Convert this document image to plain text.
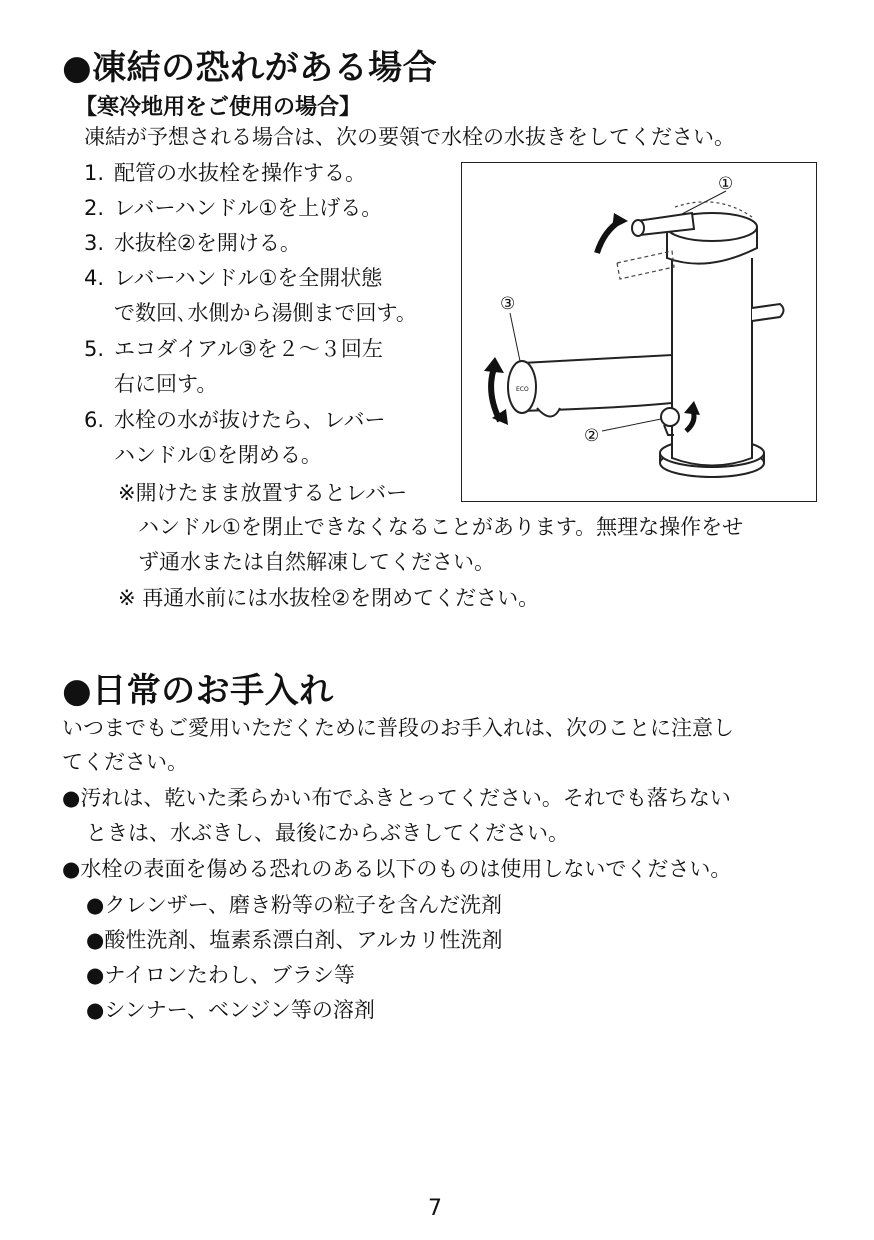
●凍結の恐れがある場合
【寒冷地用をご使用の場合】
凍結が予想される場合は、次の要領で水栓の水抜きをしてください。
1. 配管の水抜栓を操作する。
2. レバーハンドル①を上げる。
3. 水抜栓②を開ける。
4. レバーハンドル①を全開状態
で数回､水側から湯側まで回す。
5. エコダイアル③を２～３回左
右に回す。
6. 水栓の水が抜けたら、レバー
ハンドル①を閉める。
※開けたまま放置するとレバー
ハンドル①を閉止できなくなることがあります。無理な操作をせ
ず通水または自然解凍してください。
※ 再通水前には水抜栓②を閉めてください。
ECO
①
③
②
●日常のお手入れ
いつまでもご愛用いただくために普段のお手入れは、次のことに注意し
てください。
●汚れは、乾いた柔らかい布でふきとってください。それでも落ちない
ときは、水ぶきし、最後にからぶきしてください。
●水栓の表面を傷める恐れのある以下のものは使用しないでください。
●クレンザー、磨き粉等の粒子を含んだ洗剤
●酸性洗剤、塩素系漂白剤、アルカリ性洗剤
●ナイロンたわし、ブラシ等
●シンナー、ベンジン等の溶剤
7
